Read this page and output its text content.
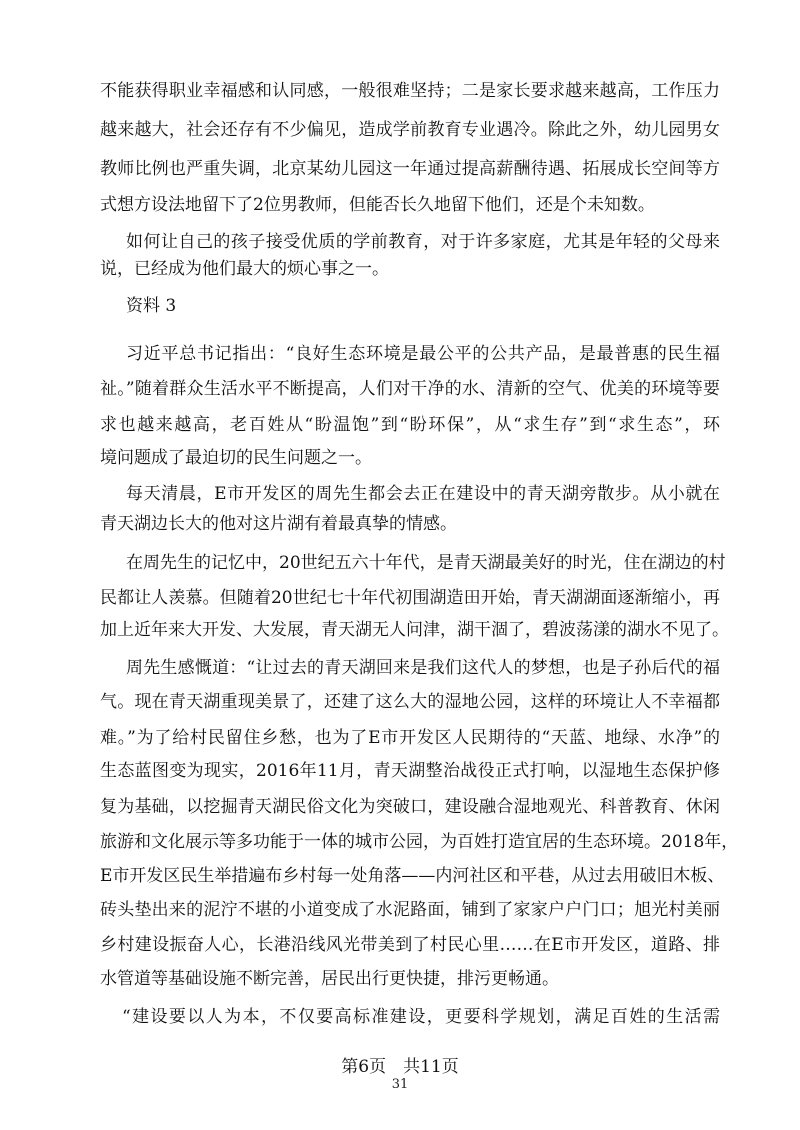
不能获得职业幸福感和认同感，一般很难坚持；二是家长要求越来越高，工作压力
越来越大，社会还存有不少偏见，造成学前教育专业遇冷。除此之外，幼儿园男女
教师比例也严重失调，北京某幼儿园这一年通过提高薪酬待遇、拓展成长空间等方
式想方设法地留下了2位男教师，但能否长久地留下他们，还是个未知数。
如何让自己的孩子接受优质的学前教育，对于许多家庭，尤其是年轻的父母来
说，已经成为他们最大的烦心事之一。
资料 3
习近平总书记指出：“良好生态环境是最公平的公共产品，是最普惠的民生福
祉。”随着群众生活水平不断提高，人们对干净的水、清新的空气、优美的环境等要
求也越来越高，老百姓从“盼温饱”到“盼环保”，从“求生存”到“求生态”，环
境问题成了最迫切的民生问题之一。
每天清晨，E市开发区的周先生都会去正在建设中的青天湖旁散步。从小就在
青天湖边长大的他对这片湖有着最真挚的情感。
在周先生的记忆中，20世纪五六十年代，是青天湖最美好的时光，住在湖边的村
民都让人羡慕。但随着20世纪七十年代初围湖造田开始，青天湖湖面逐渐缩小，再
加上近年来大开发、大发展，青天湖无人问津，湖干涸了，碧波荡漾的湖水不见了。
周先生感慨道：“让过去的青天湖回来是我们这代人的梦想，也是子孙后代的福
气。现在青天湖重现美景了，还建了这么大的湿地公园，这样的环境让人不幸福都
难。”为了给村民留住乡愁，也为了E市开发区人民期待的“天蓝、地绿、水净”的
生态蓝图变为现实，2016年11月，青天湖整治战役正式打响，以湿地生态保护修
复为基础，以挖掘青天湖民俗文化为突破口，建设融合湿地观光、科普教育、休闲
旅游和文化展示等多功能于一体的城市公园，为百姓打造宜居的生态环境。2018年，
E市开发区民生举措遍布乡村每一处角落——内河社区和平巷，从过去用破旧木板、
砖头垫出来的泥泞不堪的小道变成了水泥路面，铺到了家家户户门口；旭光村美丽
乡村建设振奋人心，长港沿线风光带美到了村民心里……在E市开发区，道路、排
水管道等基础设施不断完善，居民出行更快捷，排污更畅通。
“建设要以人为本，不仅要高标准建设，更要科学规划，满足百姓的生活需
第6页　共11页
31
